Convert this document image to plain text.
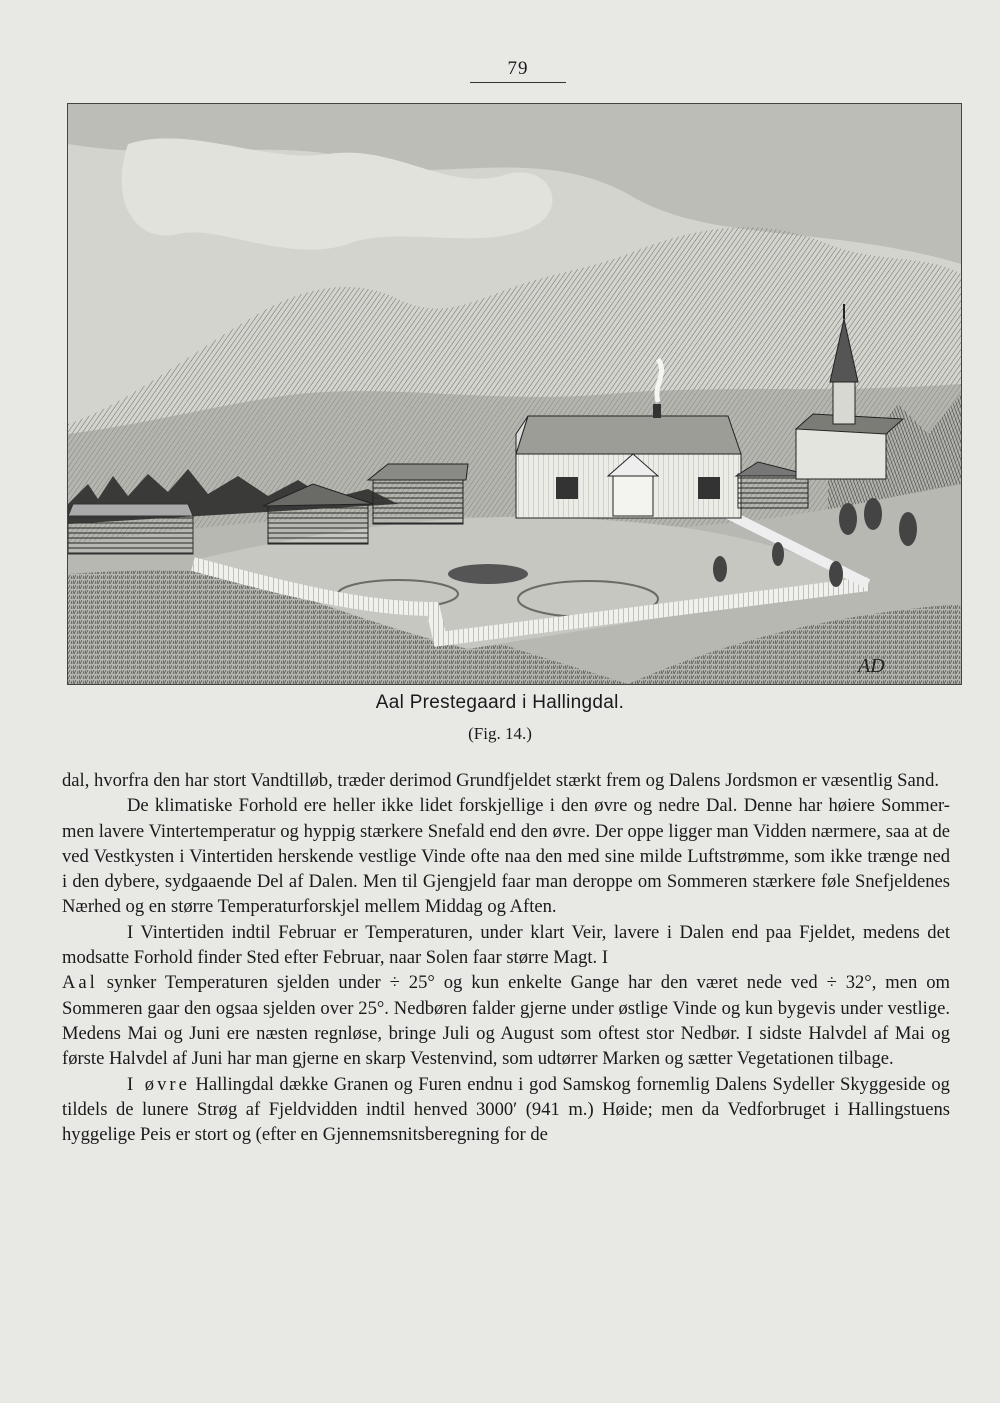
79
AD
Aal Prestegaard i Hallingdal.
(Fig. 14.)

dal, hvorfra den har stort Vandtilløb, træder derimod Grundfjeldet stærkt frem og Dalens Jordsmon er væsentlig Sand.

De klimatiske Forhold ere heller ikke lidet forskjellige i den øvre og nedre Dal. Denne har høiere Sommer- men lavere Vintertemperatur og hyppig stærkere Snefald end den øvre. Der oppe ligger man Vidden nærmere, saa at de ved Vestkysten i Vintertiden herskende vestlige Vinde ofte naa den med sine milde Luftstrømme, som ikke trænge ned i den dybere, sydgaaende Del af Dalen. Men til Gjengjeld faar man deroppe om Sommeren stærkere føle Snefjeldenes Nærhed og en større Temperaturforskjel mellem Middag og Aften.

I Vintertiden indtil Februar er Temperaturen, under klart Veir, lavere i Dalen end paa Fjeldet, medens det modsatte Forhold finder Sted efter Februar, naar Solen faar større Magt. I
Aal synker Temperaturen sjelden under ÷ 25° og kun enkelte Gange har den været nede ved ÷ 32°, men om Sommeren gaar den ogsaa sjelden over 25°. Nedbøren falder gjerne under østlige Vinde og kun bygevis under vestlige. Medens Mai og Juni ere næsten regnløse, bringe Juli og August som oftest stor Nedbør. I sidste Halvdel af Mai og første Halvdel af Juni har man gjerne en skarp Vestenvind, som udtørrer Marken og sætter Vegetationen tilbage.

I øvre Hallingdal dække Granen og Furen endnu i god Samskog fornemlig Dalens Sydeller Skyggeside og tildels de lunere Strøg af Fjeldvidden indtil henved 3000′ (941 m.) Høide; men da Vedforbruget i Hallingstuens hyggelige Peis er stort og (efter en Gjennemsnitsberegning for de
